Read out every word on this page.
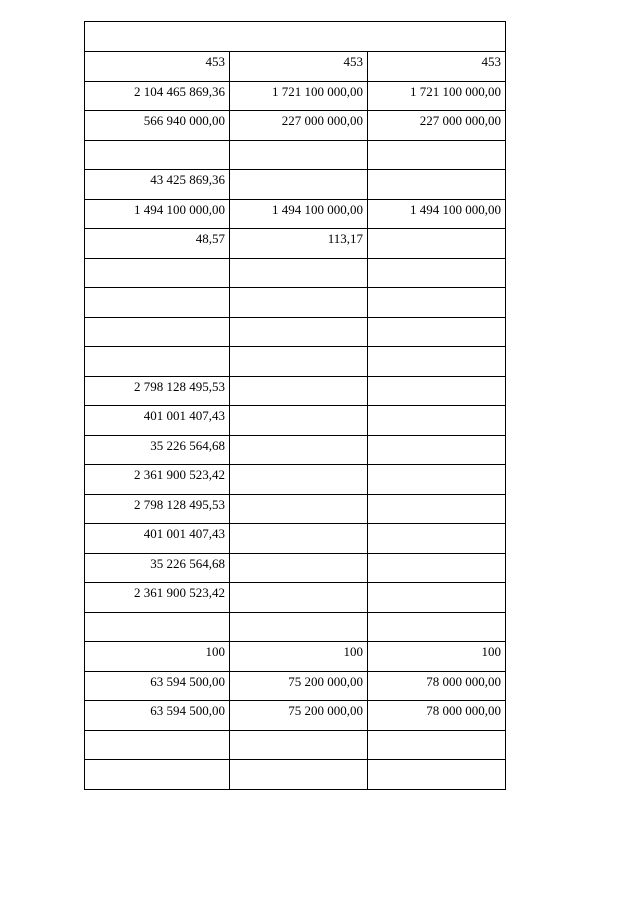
453	453	453
2 104 465 869,36	1 721 100 000,00	1 721 100 000,00
566 940 000,00	227 000 000,00	227 000 000,00

43 425 869,36		
1 494 100 000,00	1 494 100 000,00	1 494 100 000,00
48,57	113,17	

2 798 128 495,53		
401 001 407,43		
35 226 564,68		
2 361 900 523,42		
2 798 128 495,53		
401 001 407,43		
35 226 564,68		
2 361 900 523,42		

100	100	100
63 594 500,00	75 200 000,00	78 000 000,00
63 594 500,00	75 200 000,00	78 000 000,00
